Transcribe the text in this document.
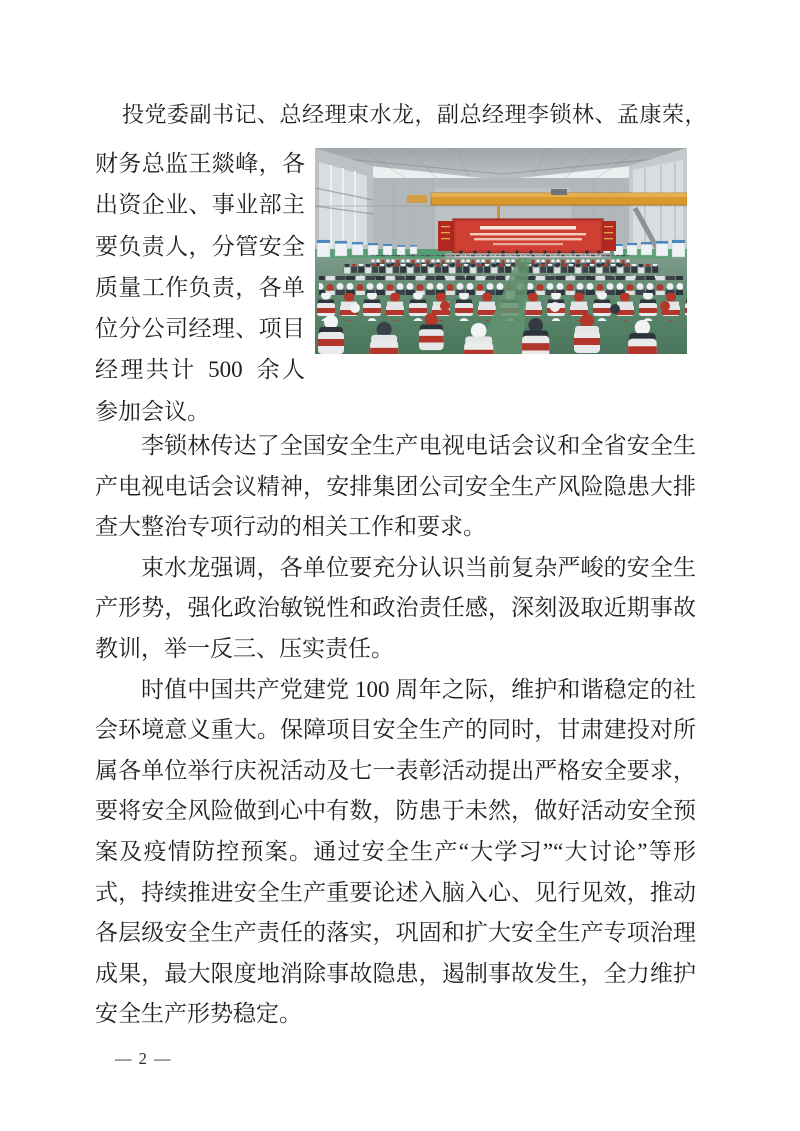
投党委副书记、总经理束水龙，副总经理李锁林、孟康荣，
财务总监王燚峰，各出资企业、事业部主要负责人，分管安全质量工作负责，各单位分公司经理、项目经理共计 500 余人参加会议。

李锁林传达了全国安全生产电视电话会议和全省安全生产电视电话会议精神，安排集团公司安全生产风险隐患大排查大整治专项行动的相关工作和要求。

束水龙强调，各单位要充分认识当前复杂严峻的安全生产形势，强化政治敏锐性和政治责任感，深刻汲取近期事故教训，举一反三、压实责任。

时值中国共产党建党 100 周年之际，维护和谐稳定的社会环境意义重大。保障项目安全生产的同时，甘肃建投对所属各单位举行庆祝活动及七一表彰活动提出严格安全要求，要将安全风险做到心中有数，防患于未然，做好活动安全预案及疫情防控预案。通过安全生产“大学习”“大讨论”等形式，持续推进安全生产重要论述入脑入心、见行见效，推动各层级安全生产责任的落实，巩固和扩大安全生产专项治理成果，最大限度地消除事故隐患，遏制事故发生，全力维护安全生产形势稳定。

— 2 —
